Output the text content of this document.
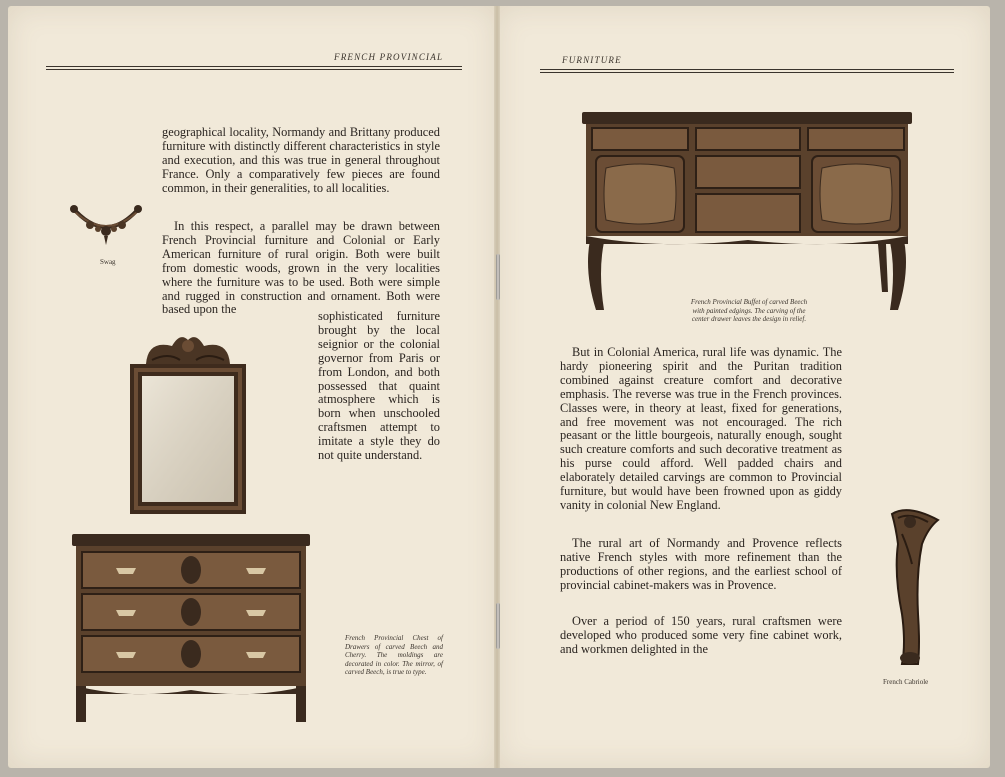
FRENCH PROVINCIAL

geographical locality, Normandy and Brittany produced furniture with distinctly different characteristics in style and execution, and this was true in general throughout France. Only a comparatively few pieces are found common, in their generalities, to all localities.

In this respect, a parallel may be drawn between French Provincial furniture and Colonial or Early American furniture of rural origin. Both were built from domestic woods, grown in the very localities where the furniture was to be used. Both were simple and rugged in construction and ornament. Both were based upon the	sophisticated furniture brought by the local seignior or the colonial governor from Paris or from London, and both possessed that quaint atmosphere which is born when unschooled craftsmen attempt to imitate a style they do not quite understand.

Swag
French Provincial Chest of Drawers of carved Beech and Cherry. The moldings are decorated in color. The mirror, of carved Beech, is true to type.
FURNITURE
French Provincial Buffet of carved Beech with painted edgings. The carving of the center drawer leaves the design in relief.

But in Colonial America, rural life was dynamic. The hardy pioneering spirit and the Puritan tradition combined against creature comfort and decorative emphasis. The reverse was true in the French provinces. Classes were, in theory at least, fixed for generations, and free movement was not encouraged. The rich peasant or the little bourgeois, naturally enough, sought such creature comforts and such decorative treatment as his purse could afford. Well padded chairs and elaborately detailed carvings are common to Provincial furniture, but would have been frowned upon as giddy vanity in colonial New England.

The rural art of Normandy and Provence reflects native French styles with more refinement than the productions of other regions, and the earliest school of provincial cabinet-makers was in Provence.

Over a period of 150 years, rural craftsmen were developed who produced some very fine cabinet work, and workmen delighted in the

French Cabriole
